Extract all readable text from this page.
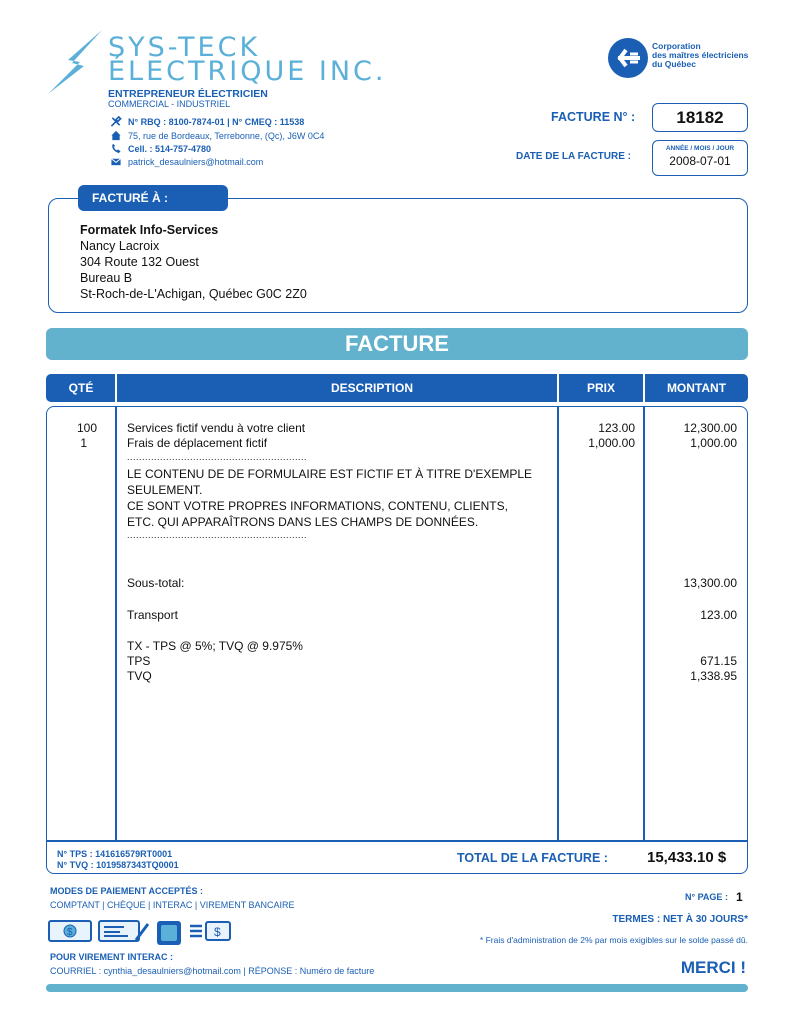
SYS-TECK
ÉLECTRIQUE INC.
ENTREPRENEUR ÉLECTRICIEN
COMMERCIAL - INDUSTRIEL
N° RBQ : 8100-7874-01 | N° CMEQ : 11538
75, rue de Bordeaux, Terrebonne, (Qc), J6W 0C4
Cell. : 514-757-4780
patrick_desaulniers@hotmail.com
Corporation
des maîtres électriciens
du Québec
FACTURE N° :	18182
DATE DE LA FACTURE :
ANNÉE / MOIS / JOUR
2008-07-01
FACTURÉ À :
Formatek Info-Services
Nancy Lacroix
304 Route 132 Ouest
Bureau B
St-Roch-de-L'Achigan, Québec G0C 2Z0
FACTURE
QTÉ	DESCRIPTION	PRIX	MONTANT
100	Services fictif vendu à votre client	123.00	12,300.00
1	Frais de déplacement fictif	1,000.00	1,000.00
............................................................
LE CONTENU DE DE FORMULAIRE EST FICTIF ET À TITRE D'EXEMPLE
SEULEMENT.
CE SONT VOTRE PROPRES INFORMATIONS, CONTENU, CLIENTS,
ETC. QUI APPARAÎTRONS DANS LES CHAMPS DE DONNÉES.
............................................................
Sous-total:	13,300.00
Transport	123.00
TX - TPS @ 5%; TVQ @ 9.975%
TPS	671.15
TVQ	1,338.95
N° TPS : 141616579RT0001
N° TVQ : 1019587343TQ0001	TOTAL DE LA FACTURE :	15,433.10 $
MODES DE PAIEMENT ACCEPTÉS :
COMPTANT | CHÈQUE | INTERAC | VIREMENT BANCAIRE
$	$
POUR VIREMENT INTERAC :
COURRIEL : cynthia_desaulniers@hotmail.com | RÉPONSE : Numéro de facture
N° PAGE : 1
TERMES : NET À 30 JOURS*
* Frais d'administration de 2% par mois exigibles sur le solde passé dû.
MERCI !
